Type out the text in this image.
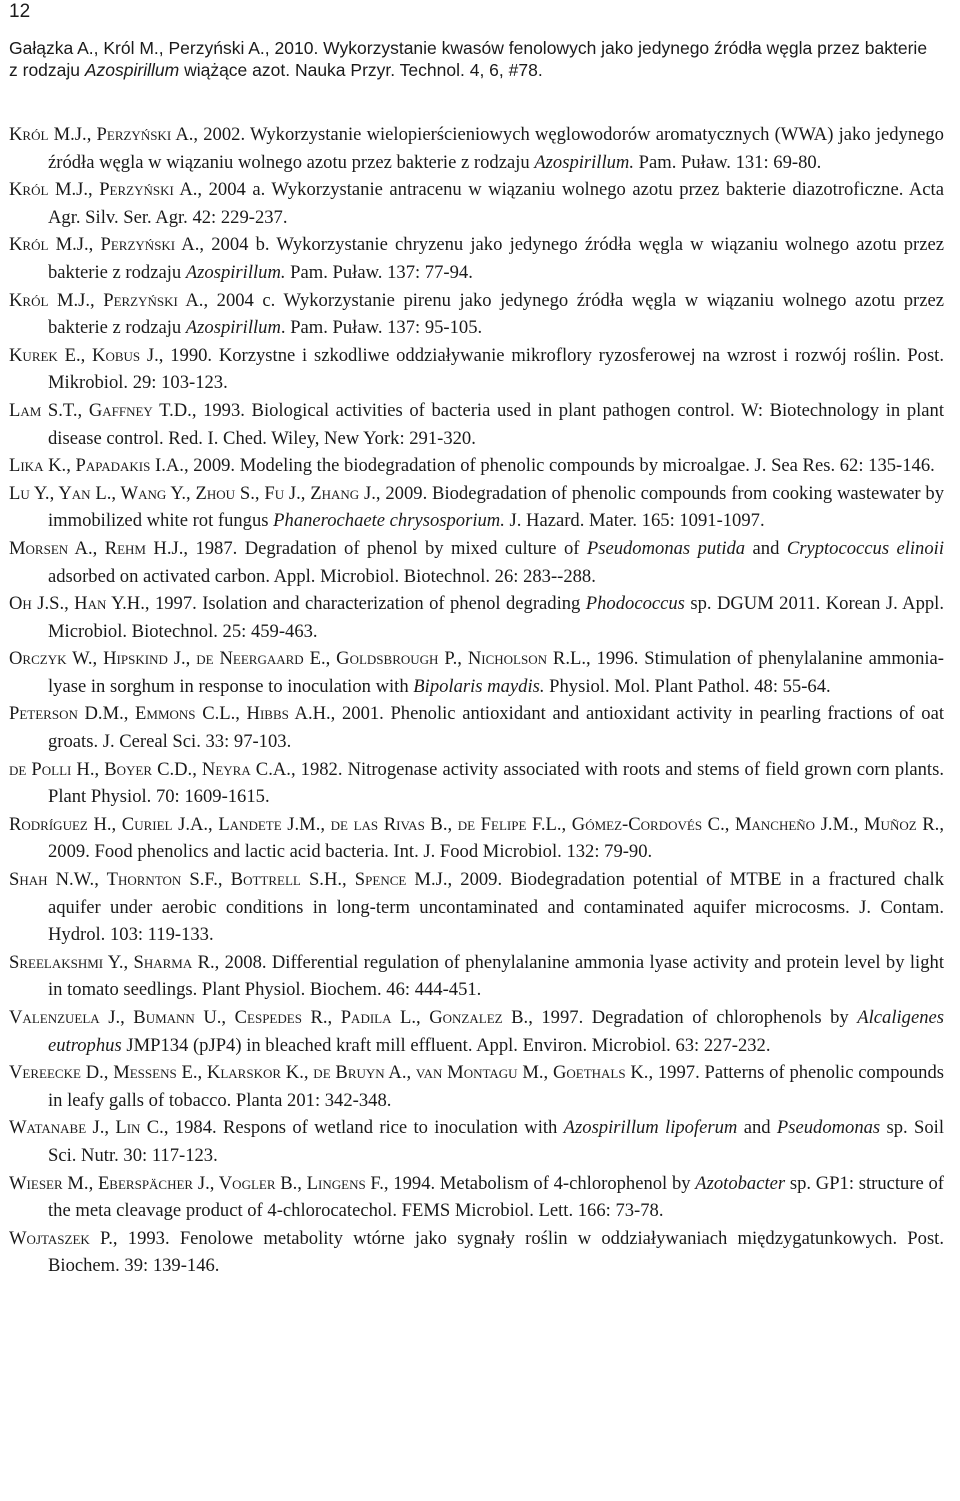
12
Gałązka A., Król M., Perzyński A., 2010. Wykorzystanie kwasów fenolowych jako jedynego źródła węgla przez bakterie z rodzaju Azospirillum wiążące azot. Nauka Przyr. Technol. 4, 6, #78.

Król M.J., Perzyński A., 2002. Wykorzystanie wielopierścieniowych węglowodorów aromatycznych (WWA) jako jedynego źródła węgla w wiązaniu wolnego azotu przez bakterie z rodzaju Azospirillum. Pam. Puław. 131: 69-80.

Król M.J., Perzyński A., 2004 a. Wykorzystanie antracenu w wiązaniu wolnego azotu przez bakterie diazotroficzne. Acta Agr. Silv. Ser. Agr. 42: 229-237.

Król M.J., Perzyński A., 2004 b. Wykorzystanie chryzenu jako jedynego źródła węgla w wiązaniu wolnego azotu przez bakterie z rodzaju Azospirillum. Pam. Puław. 137: 77-94.

Król M.J., Perzyński A., 2004 c. Wykorzystanie pirenu jako jedynego źródła węgla w wiązaniu wolnego azotu przez bakterie z rodzaju Azospirillum. Pam. Puław. 137: 95-105.

Kurek E., Kobus J., 1990. Korzystne i szkodliwe oddziaływanie mikroflory ryzosferowej na wzrost i rozwój roślin. Post. Mikrobiol. 29: 103-123.

Lam S.T., Gaffney T.D., 1993. Biological activities of bacteria used in plant pathogen control. W: Biotechnology in plant disease control. Red. I. Ched. Wiley, New York: 291-320.

Lika K., Papadakis I.A., 2009. Modeling the biodegradation of phenolic compounds by microalgae. J. Sea Res. 62: 135-146.

Lu Y., Yan L., Wang Y., Zhou S., Fu J., Zhang J., 2009. Biodegradation of phenolic compounds from cooking wastewater by immobilized white rot fungus Phanerochaete chrysosporium. J. Hazard. Mater. 165: 1091-1097.

Morsen A., Rehm H.J., 1987. Degradation of phenol by mixed culture of Pseudomonas putida and Cryptococcus elinoii adsorbed on activated carbon. Appl. Microbiol. Biotechnol. 26: 283--288.

Oh J.S., Han Y.H., 1997. Isolation and characterization of phenol degrading Phodococcus sp. DGUM 2011. Korean J. Appl. Microbiol. Biotechnol. 25: 459-463.

Orczyk W., Hipskind J., de Neergaard E., Goldsbrough P., Nicholson R.L., 1996. Stimulation of phenylalanine ammonia-lyase in sorghum in response to inoculation with Bipolaris maydis. Physiol. Mol. Plant Pathol. 48: 55-64.

Peterson D.M., Emmons C.L., Hibbs A.H., 2001. Phenolic antioxidant and antioxidant activity in pearling fractions of oat groats. J. Cereal Sci. 33: 97-103.

de Polli H., Boyer C.D., Neyra C.A., 1982. Nitrogenase activity associated with roots and stems of field grown corn plants. Plant Physiol. 70: 1609-1615.

Rodríguez H., Curiel J.A., Landete J.M., de las Rivas B., de Felipe F.L., Gómez-Cordovés C., Mancheño J.M., Muñoz R., 2009. Food phenolics and lactic acid bacteria. Int. J. Food Microbiol. 132: 79-90.

Shah N.W., Thornton S.F., Bottrell S.H., Spence M.J., 2009. Biodegradation potential of MTBE in a fractured chalk aquifer under aerobic conditions in long-term uncontaminated and contaminated aquifer microcosms. J. Contam. Hydrol. 103: 119-133.

Sreelakshmi Y., Sharma R., 2008. Differential regulation of phenylalanine ammonia lyase activity and protein level by light in tomato seedlings. Plant Physiol. Biochem. 46: 444-451.

Valenzuela J., Bumann U., Cespedes R., Padila L., Gonzalez B., 1997. Degradation of chlorophenols by Alcaligenes eutrophus JMP134 (pJP4) in bleached kraft mill effluent. Appl. Environ. Microbiol. 63: 227-232.

Vereecke D., Messens E., Klarskor K., de Bruyn A., van Montagu M., Goethals K., 1997. Patterns of phenolic compounds in leafy galls of tobacco. Planta 201: 342-348.

Watanabe J., Lin C., 1984. Respons of wetland rice to inoculation with Azospirillum lipoferum and Pseudomonas sp. Soil Sci. Nutr. 30: 117-123.

Wieser M., Eberspächer J., Vogler B., Lingens F., 1994. Metabolism of 4-chlorophenol by Azotobacter sp. GP1: structure of the meta cleavage product of 4-chlorocatechol. FEMS Microbiol. Lett. 166: 73-78.

Wojtaszek P., 1993. Fenolowe metabolity wtórne jako sygnały roślin w oddziaływaniach międzygatunkowych. Post. Biochem. 39: 139-146.
